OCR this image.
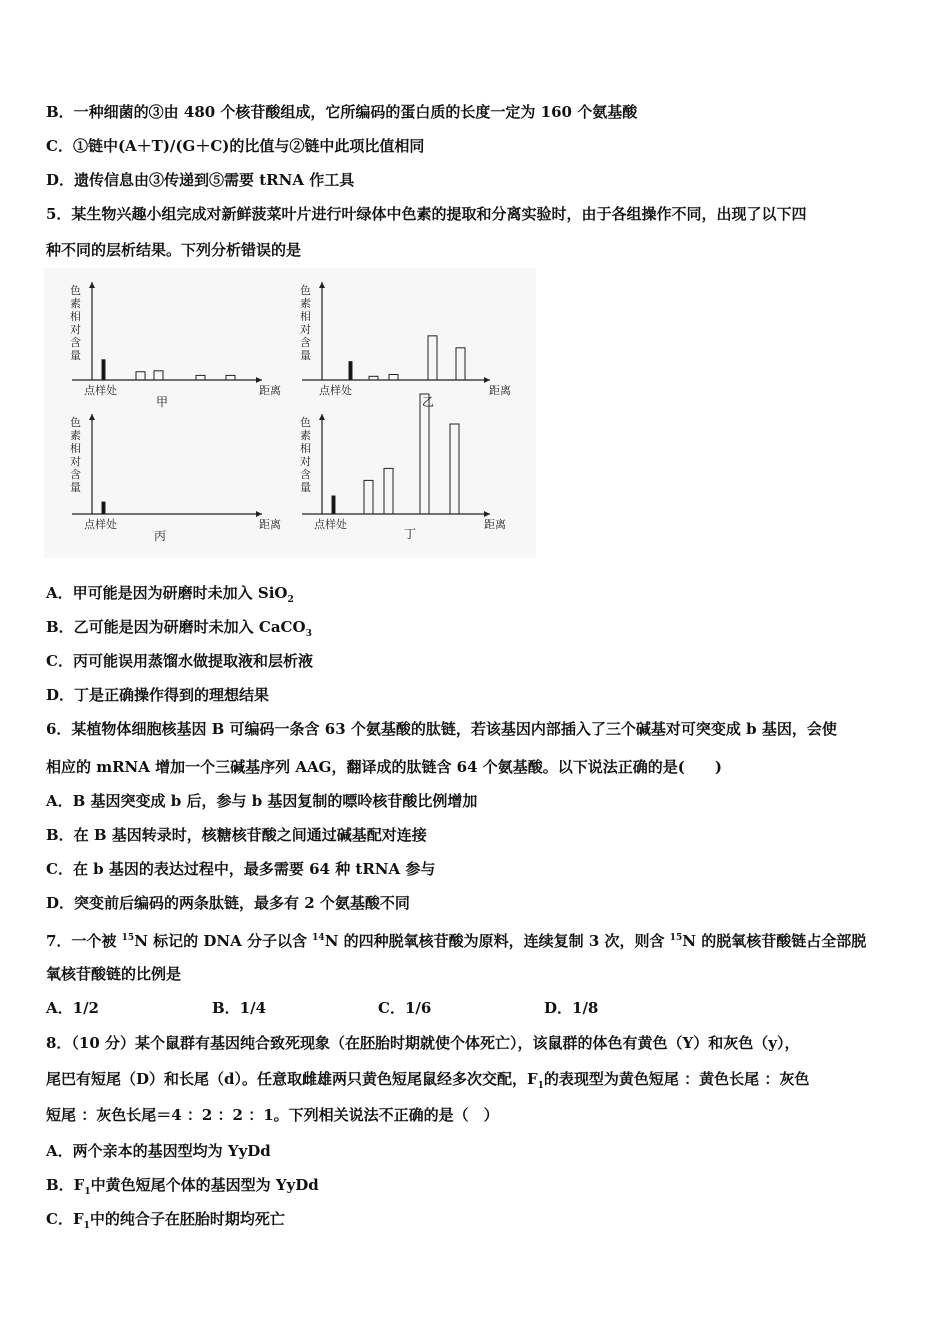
B．一种细菌的③由 480 个核苷酸组成，它所编码的蛋白质的长度一定为 160 个氨基酸
C．①链中(A＋T)/(G＋C)的比值与②链中此项比值相同
D．遗传信息由③传递到⑤需要 tRNA 作工具
5．某生物兴趣小组完成对新鲜菠菜叶片进行叶绿体中色素的提取和分离实验时，由于各组操作不同，出现了以下四
种不同的层析结果。下列分析错误的是
色
素
相
对
含
量
点样处	距离
甲
色
素
相
对
含
量
点样处	距离
乙
色
素
相
对
含
量
点样处	距离
丙
色
素
相
对
含
量
点样处	距离
丁
A．甲可能是因为研磨时未加入 SiO$_2$
B．乙可能是因为研磨时未加入 CaCO$_3$
C．丙可能误用蒸馏水做提取液和层析液
D．丁是正确操作得到的理想结果
6．某植物体细胞核基因 B 可编码一条含 63 个氨基酸的肽链，若该基因内部插入了三个碱基对可突变成 b 基因，会使
相应的 mRNA 增加一个三碱基序列 AAG，翻译成的肽链含 64 个氨基酸。以下说法正确的是(　　)
A．B 基因突变成 b 后，参与 b 基因复制的嘌呤核苷酸比例增加
B．在 B 基因转录时，核糖核苷酸之间通过碱基配对连接
C．在 b 基因的表达过程中，最多需要 64 种 tRNA 参与
D．突变前后编码的两条肽链，最多有 2 个氨基酸不同
7．一个被 $^{15}$N 标记的 DNA 分子以含 $^{14}$N 的四种脱氧核苷酸为原料，连续复制 3 次，则含 $^{15}$N 的脱氧核苷酸链占全部脱
氧核苷酸链的比例是
A．1/2	B．1/4	C．1/6	D．1/8
8．（10 分）某个鼠群有基因纯合致死现象（在胚胎时期就使个体死亡），该鼠群的体色有黄色（Y）和灰色（y），
尾巴有短尾（D）和长尾（d）。任意取雌雄两只黄色短尾鼠经多次交配，$F_1$的表现型为黄色短尾 ：黄色长尾 ：灰色
短尾 ：灰色长尾＝4 ：2 ：2 ：1。下列相关说法不正确的是（　）
A．两个亲本的基因型均为 YyDd
B．$F_1$中黄色短尾个体的基因型为 YyDd
C．$F_1$中的纯合子在胚胎时期均死亡
